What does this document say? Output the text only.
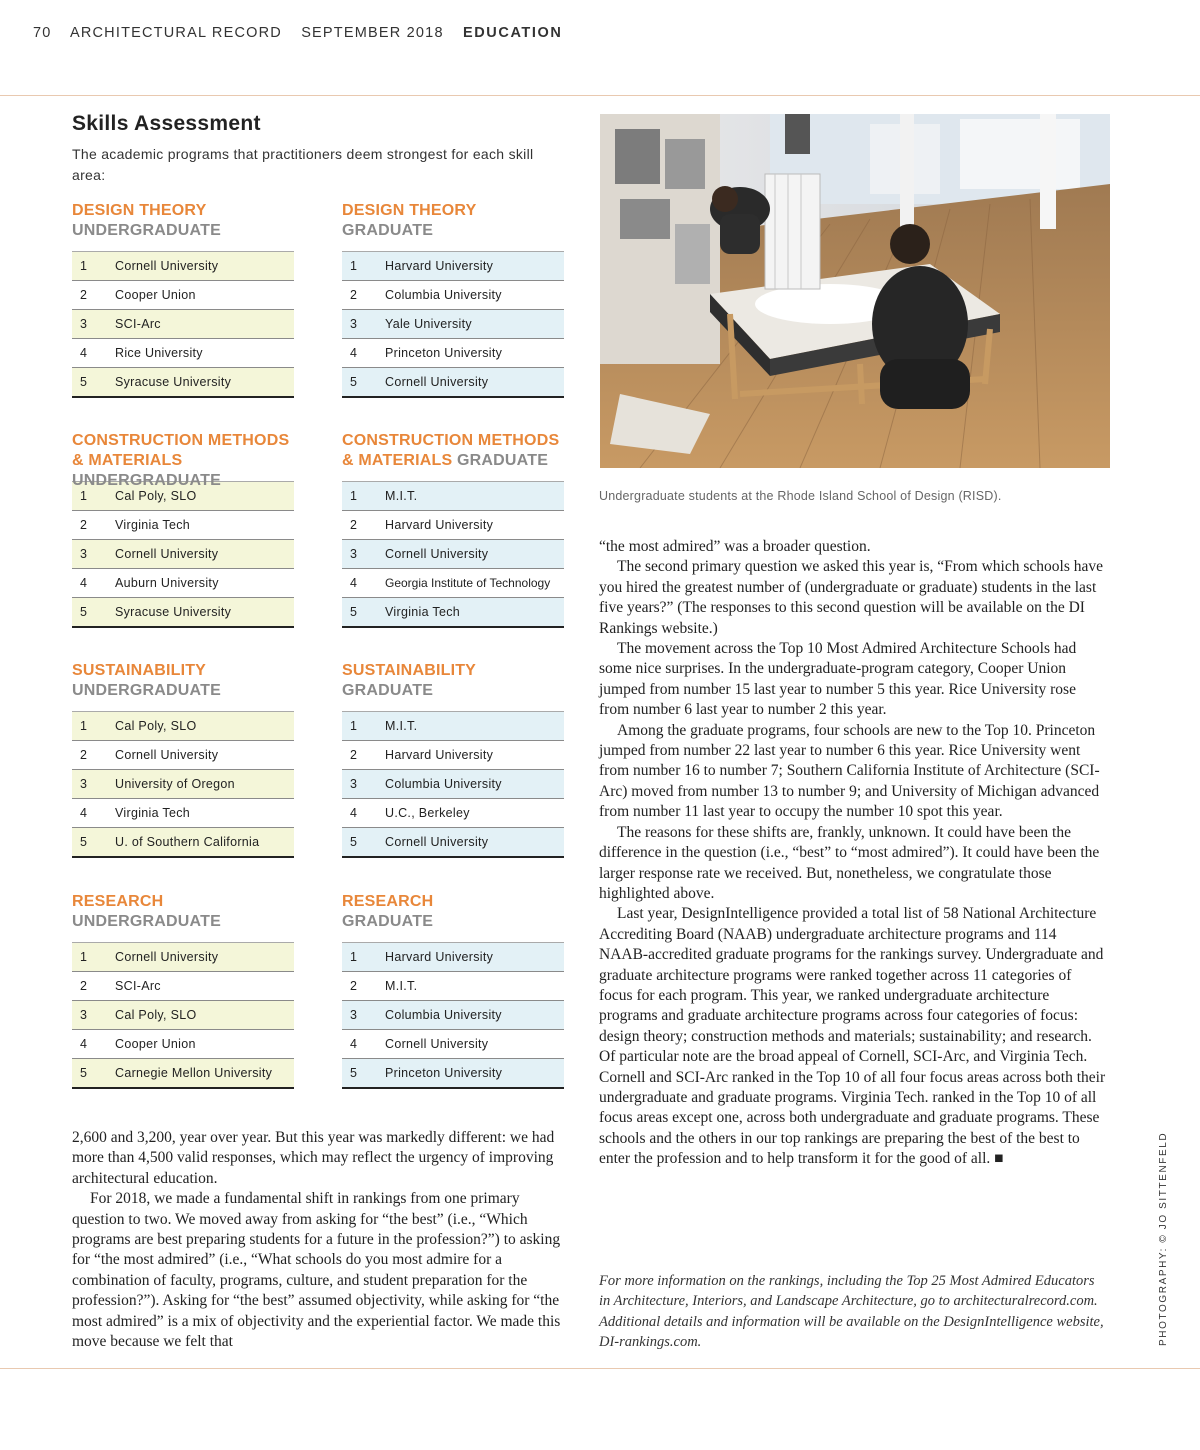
70 ARCHITECTURAL RECORD SEPTEMBER 2018 EDUCATION
Skills Assessment
The academic programs that practitioners deem strongest for each skill area:
DESIGN THEORY
UNDERGRADUATE
1	Cornell University
2	Cooper Union
3	SCI-Arc
4	Rice University
5	Syracuse University
DESIGN THEORY
GRADUATE
1	Harvard University
2	Columbia University
3	Yale University
4	Princeton University
5	Cornell University
CONSTRUCTION METHODS & MATERIALS UNDERGRADUATE
1	Cal Poly, SLO
2	Virginia Tech
3	Cornell University
4	Auburn University
5	Syracuse University
CONSTRUCTION METHODS & MATERIALS GRADUATE
1	M.I.T.
2	Harvard University
3	Cornell University
4	Georgia Institute of Technology
5	Virginia Tech
SUSTAINABILITY
UNDERGRADUATE
1	Cal Poly, SLO
2	Cornell University
3	University of Oregon
4	Virginia Tech
5	U. of Southern California
SUSTAINABILITY
GRADUATE
1	M.I.T.
2	Harvard University
3	Columbia University
4	U.C., Berkeley
5	Cornell University
RESEARCH
UNDERGRADUATE
1	Cornell University
2	SCI-Arc
3	Cal Poly, SLO
4	Cooper Union
5	Carnegie Mellon University
RESEARCH
GRADUATE
1	Harvard University
2	M.I.T.
3	Columbia University
4	Cornell University
5	Princeton University
Undergraduate students at the Rhode Island School of Design (RISD).
PHOTOGRAPHY: © JO SITTENFELD

2,600 and 3,200, year over year. But this year was markedly different: we had more than 4,500 valid responses, which may reflect the urgency of improving architectural education.

For 2018, we made a fundamental shift in rankings from one primary question to two. We moved away from asking for “the best” (i.e., “Which programs are best preparing students for a future in the profession?”) to asking for “the most admired” (i.e., “What schools do you most admire for a combination of faculty, programs, culture, and student preparation for the profession?”). Asking for “the best” assumed objectivity, while asking for “the most admired” is a mix of objectivity and the experiential factor. We made this move because we felt that

“the most admired” was a broader question.

The second primary question we asked this year is, “From which schools have you hired the greatest number of (undergraduate or graduate) students in the last five years?” (The responses to this second question will be available on the DI Rankings website.)

The movement across the Top 10 Most Admired Architecture Schools had some nice surprises. In the undergraduate-program category, Cooper Union jumped from number 15 last year to number 5 this year. Rice University rose from number 6 last year to number 2 this year.

Among the graduate programs, four schools are new to the Top 10. Princeton jumped from number 22 last year to number 6 this year. Rice University went from number 16 to number 7; Southern California Institute of Architecture (SCI-Arc) moved from number 13 to number 9; and University of Michigan advanced from number 11 last year to occupy the number 10 spot this year.

The reasons for these shifts are, frankly, unknown. It could have been the difference in the question (i.e., “best” to “most admired”). It could have been the larger response rate we received. But, nonetheless, we congratulate those highlighted above.

Last year, DesignIntelligence provided a total list of 58 National Architecture Accrediting Board (NAAB) undergraduate architecture programs and 114 NAAB-accredited graduate programs for the rankings survey. Undergraduate and graduate architecture programs were ranked together across 11 categories of focus for each program. This year, we ranked undergraduate architecture programs and graduate architecture programs across four categories of focus: design theory; construction methods and materials; sustainability; and research. Of particular note are the broad appeal of Cornell, SCI-Arc, and Virginia Tech. Cornell and SCI-Arc ranked in the Top 10 of all four focus areas across both their undergraduate and graduate programs. Virginia Tech. ranked in the Top 10 of all focus areas except one, across both undergraduate and graduate programs. These schools and the others in our top rankings are preparing the best of the best to enter the profession and to help transform it for the good of all. ■

For more information on the rankings, including the Top 25 Most Admired Educators in Architecture, Interiors, and Landscape Architecture, go to architecturalrecord.com. Additional details and information will be available on the DesignIntelligence website, DI-rankings.com.
